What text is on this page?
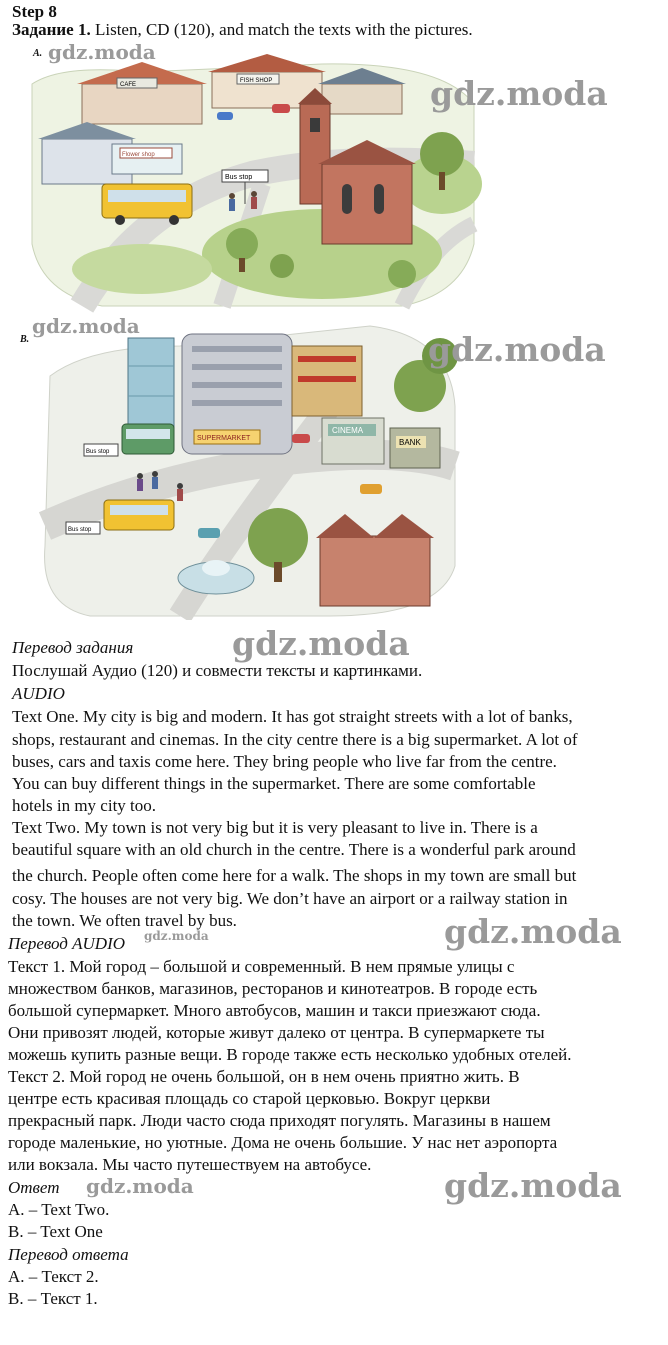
Step 8
Задание 1. Listen, CD (120), and match the texts with the pictures.
A.
CAFE
FISH SHOP
Flower shop
Bus stop
gdz.moda
gdz.moda
B.
SUPERMARKET
CINEMA
BANK
Bus stop
Bus stop
gdz.moda
gdz.moda
Перевод задания	gdz.moda
Послушай Аудио (120) и совмести тексты и картинками.
AUDIO
Text One. My city is big and modern. It has got straight streets with a lot of banks,
shops, restaurant and cinemas. In the city centre there is a big supermarket. A lot of
buses, cars and taxis come here. They bring people who live far from the centre.
You can buy different things in the supermarket. There are some comfortable
hotels in my city too.
Text Two. My town is not very big but it is very pleasant to live in. There is a
beautiful square with an old church in the centre. There is a wonderful park around
the church. People often come here for a walk. The shops in my town are small but
cosy. The houses are not very big. We don’t have an airport or a railway station in
the town. We often travel by bus.
Перевод AUDIO gdz.moda	gdz.moda
Текст 1. Мой город – большой и современный. В нем прямые улицы с
множеством банков, магазинов, ресторанов и кинотеатров. В городе есть
большой супермаркет. Много автобусов, машин и такси приезжают сюда.
Они привозят людей, которые живут далеко от центра. В супермаркете ты
можешь купить разные вещи. В городе также есть несколько удобных отелей.
Текст 2. Мой город не очень большой, он в нем очень приятно жить. В
центре есть красивая площадь со старой церковью. Вокруг церкви
прекрасный парк. Люди часто сюда приходят погулять. Магазины в нашем
городе маленькие, но уютные. Дома не очень большие. У нас нет аэропорта
или вокзала. Мы часто путешествуем на автобусе.
Ответ gdz.moda	gdz.moda
A. – Text Two.
B. – Text One
Перевод ответа
А. – Текст 2.
В. – Текст 1.
